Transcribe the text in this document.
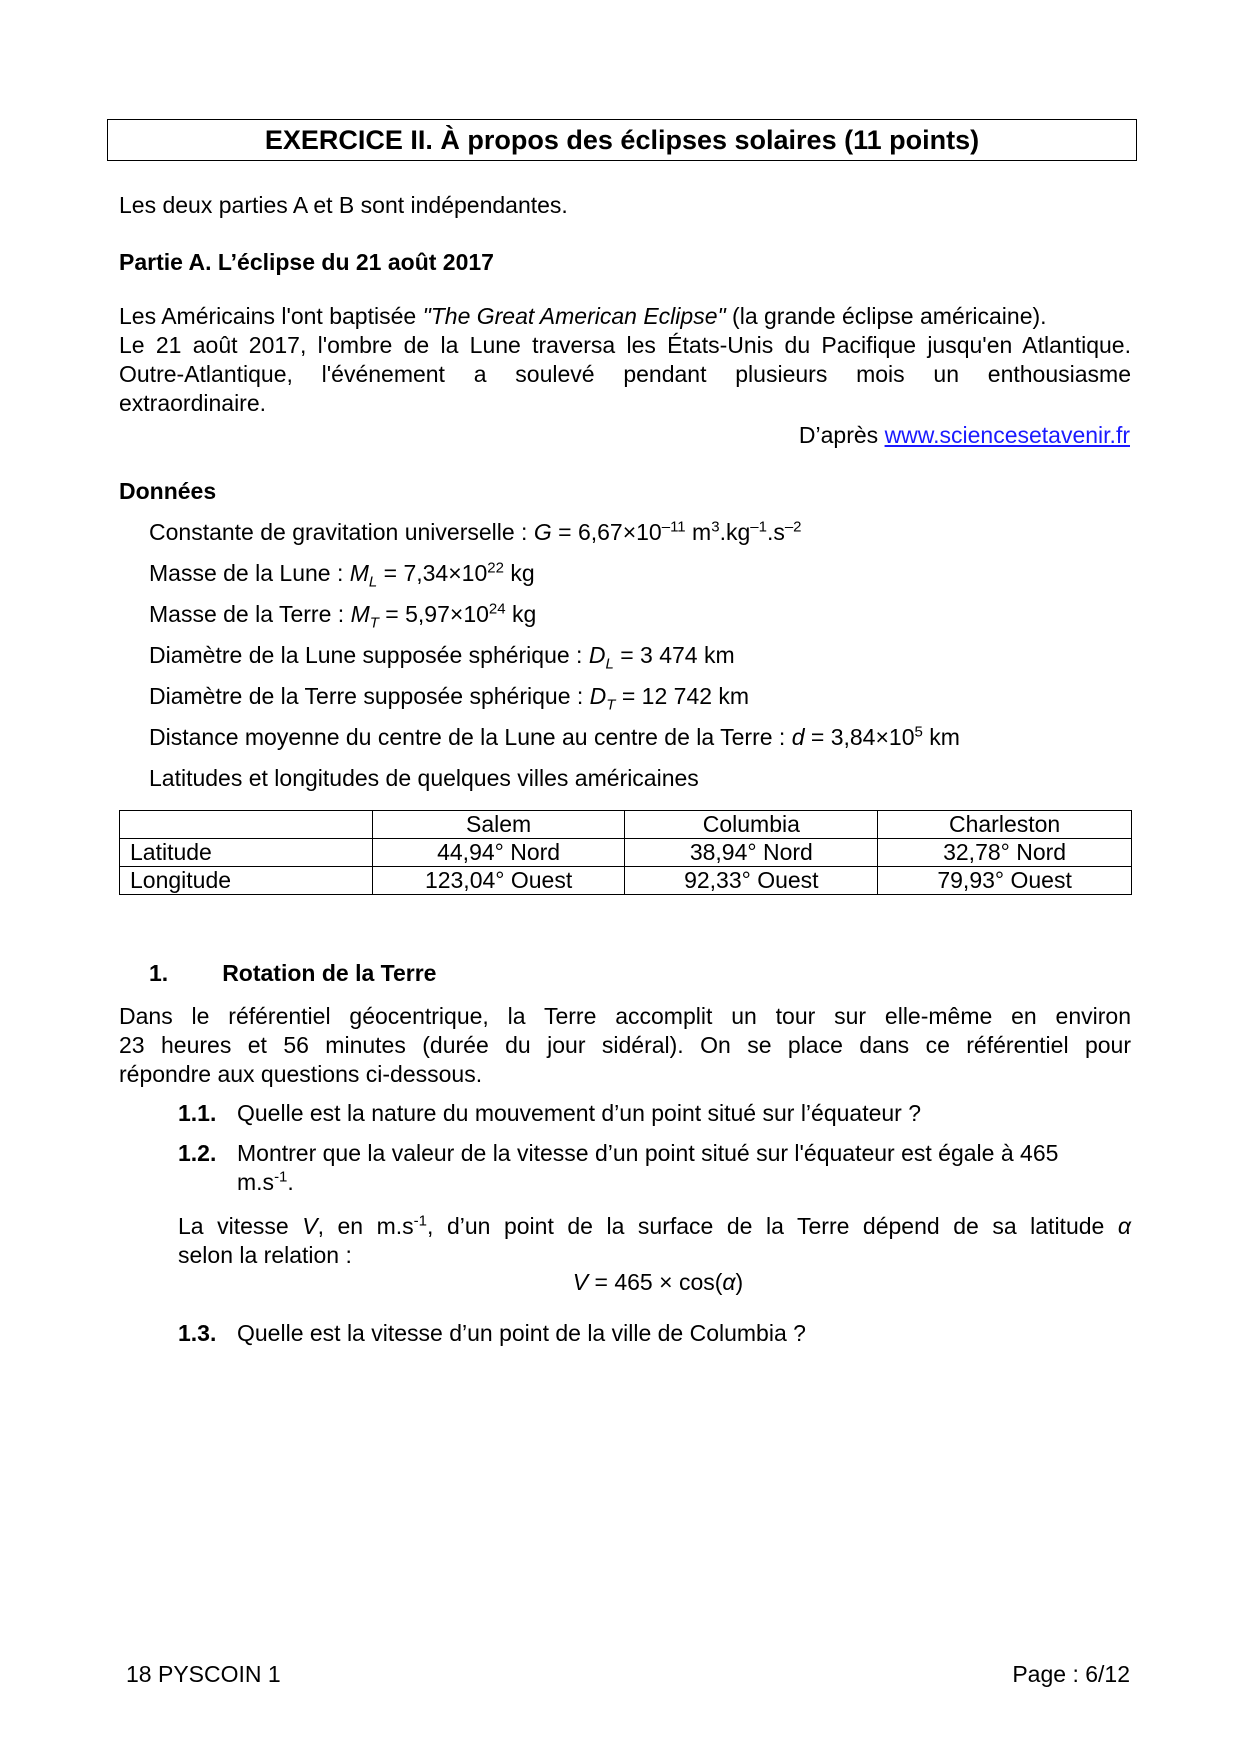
EXERCICE II. À propos des éclipses solaires (11 points)
Les deux parties A et B sont indépendantes.
Partie A. L’éclipse du 21 août 2017

Les Américains l'ont baptisée "The Great American Eclipse" (la grande éclipse américaine).

Le 21 août 2017, l'ombre de la Lune traversa les États-Unis du Pacifique jusqu'en Atlantique.

Outre-Atlantique, l'événement a soulevé pendant plusieurs mois un enthousiasme

extraordinaire.

D’après www.sciencesetavenir.fr
Données
Constante de gravitation universelle : $G = 6,67\times 10^{-11}$ $m^3.kg^{-1}.s^{-2}$
Masse de la Lune : $M_L = 7,34\times 10^{22}$ kg
Masse de la Terre : $M_T = 5,97\times 10^{24}$ kg
Diamètre de la Lune supposée sphérique : $D_L = 3$ 474 km
Diamètre de la Terre supposée sphérique : $D_T = 12$ 742 km
Distance moyenne du centre de la Lune au centre de la Terre : $d = 3,84\times 10^5$ km
Latitudes et longitudes de quelques villes américaines
	Salem	Columbia	Charleston
Latitude	44,94° Nord	38,94° Nord	32,78° Nord
Longitude	123,04° Ouest	92,33° Ouest	79,93° Ouest
1. Rotation de la Terre
Dans le référentiel géocentrique, la Terre accomplit un tour sur elle-même en environ
23 heures et 56 minutes (durée du jour sidéral). On se place dans ce référentiel pour
répondre aux questions ci-dessous.
1.1. Quelle est la nature du mouvement d’un point situé sur l’équateur ?
1.2. Montrer que la valeur de la vitesse d’un point situé sur l'équateur est égale à 465
$m.s^{-1}$.
La vitesse V, en $m.s^{-1}$, d’un point de la surface de la Terre dépend de sa latitude α
selon la relation :
V = 465 × cos(α)
1.3. Quelle est la vitesse d’un point de la ville de Columbia ?
18 PYSCOIN 1	Page : 6/12
